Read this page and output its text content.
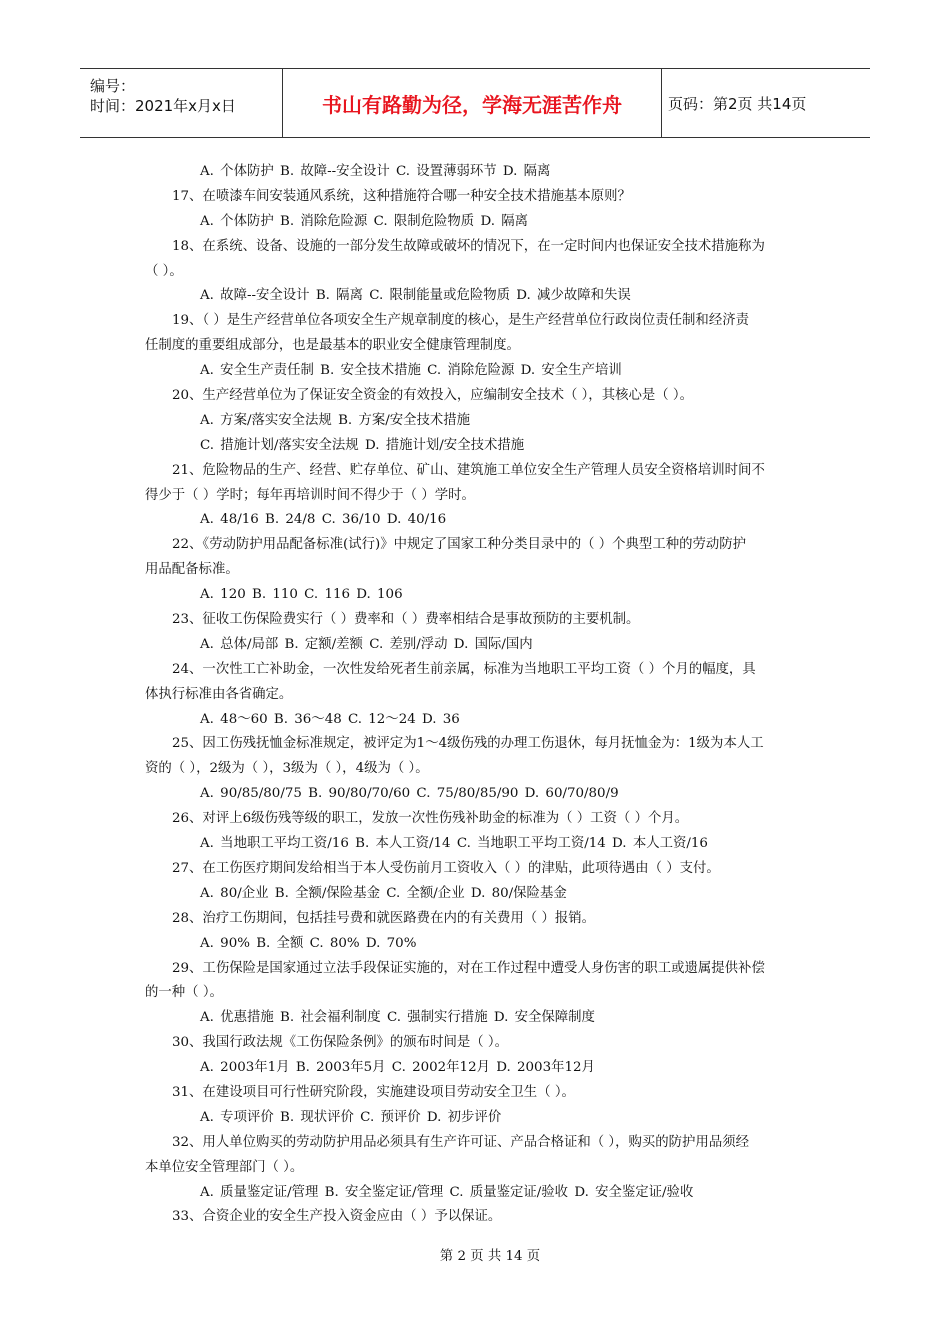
编号：
时间：2021年x月x日	书山有路勤为径，学海无涯苦作舟	页码：第2页 共14页
A. 个体防护 B. 故障--安全设计 C. 设置薄弱环节 D. 隔离
17、在喷漆车间安装通风系统，这种措施符合哪一种安全技术措施基本原则？
A. 个体防护 B. 消除危险源 C. 限制危险物质 D. 隔离
18、在系统、设备、设施的一部分发生故障或破坏的情况下，在一定时间内也保证安全技术措施称为
（ ）。
A. 故障--安全设计 B. 隔离 C. 限制能量或危险物质 D. 减少故障和失误
19、（ ）是生产经营单位各项安全生产规章制度的核心，是生产经营单位行政岗位责任制和经济责
任制度的重要组成部分，也是最基本的职业安全健康管理制度。
A. 安全生产责任制 B. 安全技术措施 C. 消除危险源 D. 安全生产培训
20、生产经营单位为了保证安全资金的有效投入，应编制安全技术（ ），其核心是（ ）。
A. 方案/落实安全法规 B. 方案/安全技术措施
C. 措施计划/落实安全法规 D. 措施计划/安全技术措施
21、危险物品的生产、经营、贮存单位、矿山、建筑施工单位安全生产管理人员安全资格培训时间不
得少于（ ）学时；每年再培训时间不得少于（ ）学时。
A. 48/16 B. 24/8 C. 36/10 D. 40/16
22、《劳动防护用品配备标准(试行)》中规定了国家工种分类目录中的（ ）个典型工种的劳动防护
用品配备标准。
A. 120 B. 110 C. 116 D. 106
23、征收工伤保险费实行（ ）费率和（ ）费率相结合是事故预防的主要机制。
A. 总体/局部 B. 定额/差额 C. 差别/浮动 D. 国际/国内
24、一次性工亡补助金，一次性发给死者生前亲属，标准为当地职工平均工资（ ）个月的幅度，具
体执行标准由各省确定。
A. 48～60 B. 36～48 C. 12～24 D. 36
25、因工伤残抚恤金标准规定，被评定为1～4级伤残的办理工伤退休，每月抚恤金为：1级为本人工
资的（ ），2级为（ ），3级为（ ），4级为（ ）。
A. 90/85/80/75 B. 90/80/70/60 C. 75/80/85/90 D. 60/70/80/9
26、对评上6级伤残等级的职工，发放一次性伤残补助金的标准为（ ）工资（ ）个月。
A. 当地职工平均工资/16 B. 本人工资/14 C. 当地职工平均工资/14 D. 本人工资/16
27、在工伤医疗期间发给相当于本人受伤前月工资收入（ ）的津贴，此项待遇由（ ）支付。
A. 80/企业 B. 全额/保险基金 C. 全额/企业 D. 80/保险基金
28、治疗工伤期间，包括挂号费和就医路费在内的有关费用（ ）报销。
A. 90% B. 全额 C. 80% D. 70%
29、工伤保险是国家通过立法手段保证实施的，对在工作过程中遭受人身伤害的职工或遗属提供补偿
的一种（ ）。
A. 优惠措施 B. 社会福利制度 C. 强制实行措施 D. 安全保障制度
30、我国行政法规《工伤保险条例》的颁布时间是（ ）。
A. 2003年1月 B. 2003年5月 C. 2002年12月 D. 2003年12月
31、在建设项目可行性研究阶段，实施建设项目劳动安全卫生（ ）。
A. 专项评价 B. 现状评价 C. 预评价 D. 初步评价
32、用人单位购买的劳动防护用品必须具有生产许可证、产品合格证和（ ），购买的防护用品须经
本单位安全管理部门（ ）。
A. 质量鉴定证/管理 B. 安全鉴定证/管理 C. 质量鉴定证/验收 D. 安全鉴定证/验收
33、合资企业的安全生产投入资金应由（ ）予以保证。
第 2 页 共 14 页
